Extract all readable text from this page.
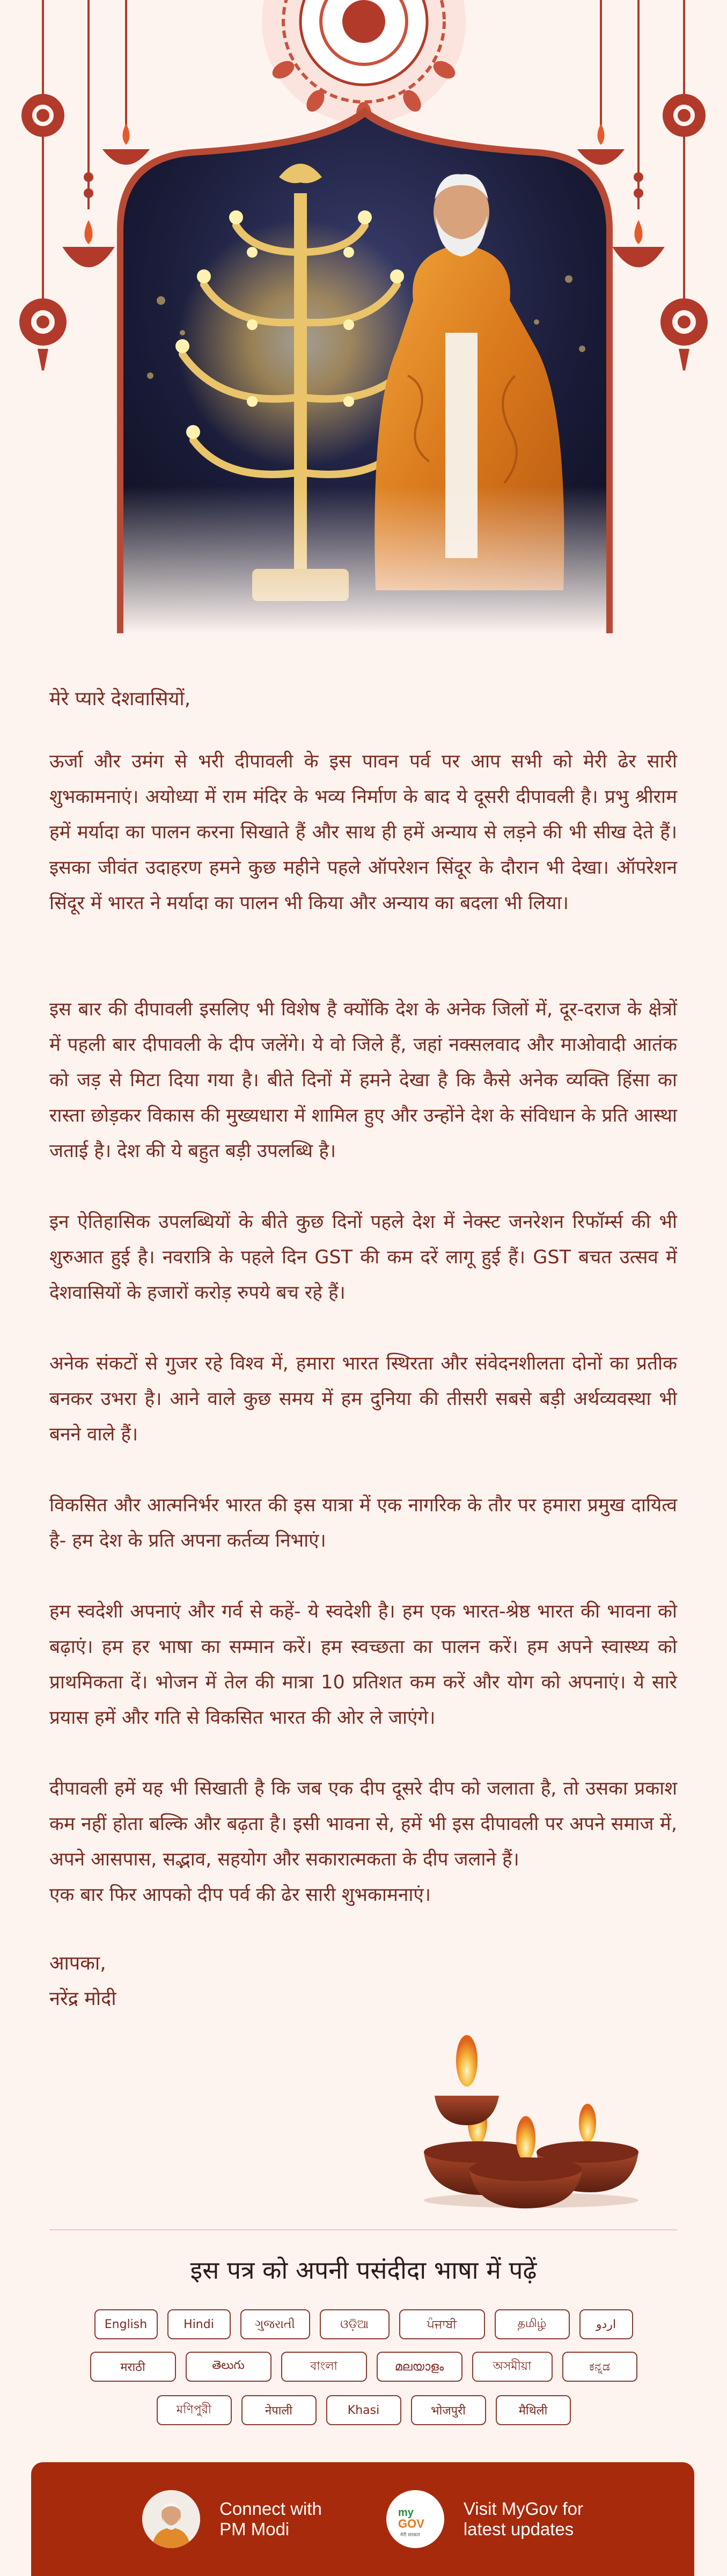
मेरे प्यारे देशवासियों,

ऊर्जा और उमंग से भरी दीपावली के इस पावन पर्व पर आप सभी को मेरी ढेर सारी शुभकामनाएं। अयोध्या में राम मंदिर के भव्य निर्माण के बाद ये दूसरी दीपावली है। प्रभु श्रीराम हमें मर्यादा का पालन करना सिखाते हैं और साथ ही हमें अन्याय से लड़ने की भी सीख देते हैं। इसका जीवंत उदाहरण हमने कुछ महीने पहले ऑपरेशन सिंदूर के दौरान भी देखा। ऑपरेशन सिंदूर में भारत ने मर्यादा का पालन भी किया और अन्याय का बदला भी लिया।

इस बार की दीपावली इसलिए भी विशेष है क्योंकि देश के अनेक जिलों में, दूर-दराज के क्षेत्रों में पहली बार दीपावली के दीप जलेंगे। ये वो जिले हैं, जहां नक्सलवाद और माओवादी आतंक को जड़ से मिटा दिया गया है। बीते दिनों में हमने देखा है कि कैसे अनेक व्यक्ति हिंसा का रास्ता छोड़कर विकास की मुख्यधारा में शामिल हुए और उन्होंने देश के संविधान के प्रति आस्था जताई है। देश की ये बहुत बड़ी उपलब्धि है।

इन ऐतिहासिक उपलब्धियों के बीते कुछ दिनों पहले देश में नेक्स्ट जनरेशन रिफॉर्म्स की भी शुरुआत हुई है। नवरात्रि के पहले दिन GST की कम दरें लागू हुई हैं। GST बचत उत्सव में देशवासियों के हजारों करोड़ रुपये बच रहे हैं।

अनेक संकटों से गुजर रहे विश्व में, हमारा भारत स्थिरता और संवेदनशीलता दोनों का प्रतीक बनकर उभरा है। आने वाले कुछ समय में हम दुनिया की तीसरी सबसे बड़ी अर्थव्यवस्था भी बनने वाले हैं।

विकसित और आत्मनिर्भर भारत की इस यात्रा में एक नागरिक के तौर पर हमारा प्रमुख दायित्व है- हम देश के प्रति अपना कर्तव्य निभाएं।

हम स्वदेशी अपनाएं और गर्व से कहें- ये स्वदेशी है। हम एक भारत-श्रेष्ठ भारत की भावना को बढ़ाएं। हम हर भाषा का सम्मान करें। हम स्वच्छता का पालन करें। हम अपने स्वास्थ्य को प्राथमिकता दें। भोजन में तेल की मात्रा 10 प्रतिशत कम करें और योग को अपनाएं। ये सारे प्रयास हमें और गति से विकसित भारत की ओर ले जाएंगे।

दीपावली हमें यह भी सिखाती है कि जब एक दीप दूसरे दीप को जलाता है, तो उसका प्रकाश कम नहीं होता बल्कि और बढ़ता है। इसी भावना से, हमें भी इस दीपावली पर अपने समाज में, अपने आसपास, सद्भाव, सहयोग और सकारात्मकता के दीप जलाने हैं।

एक बार फिर आपको दीप पर्व की ढेर सारी शुभकामनाएं।

आपका,
नरेंद्र मोदी
इस पत्र को अपनी पसंदीदा भाषा में पढ़ें
English	Hindi	ગુજરાતી	ଓଡ଼ିଆ	ਪੰਜਾਬੀ	தமிழ்	اردو
मराठी	తెలుగు	বাংলা	മലയാളം	অসমীয়া	ಕನ್ನಡ
মণিপুরী	नेपाली	Khasi	भोजपुरी	मैथिली
Connect with
PM Modi
my
GOV
मेरी सरकार
Visit MyGov for
latest updates
